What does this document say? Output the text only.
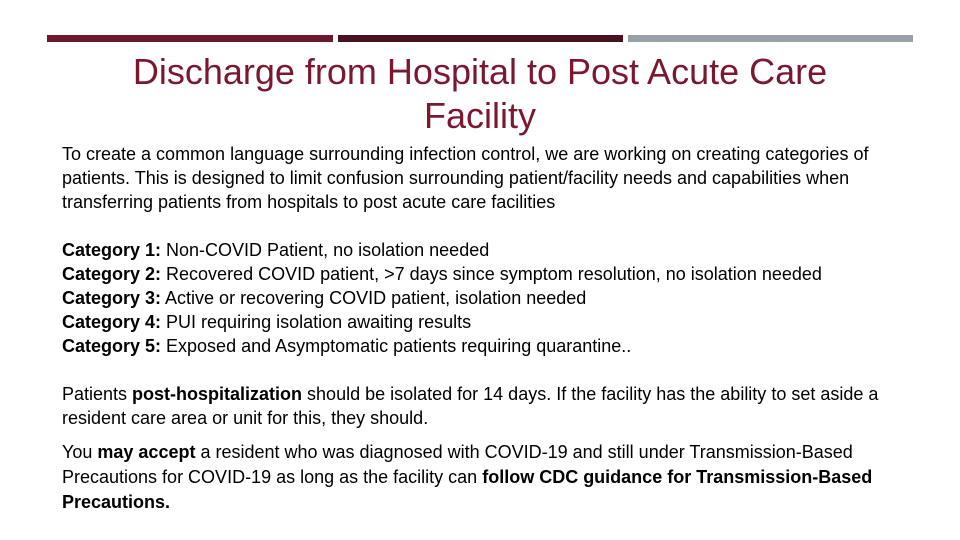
Discharge from Hospital to Post Acute Care
Facility

To create a common language surrounding infection control, we are working on creating categories of patients. This is designed to limit confusion surrounding patient/facility needs and capabilities when transferring patients from hospitals to post acute care facilities

Category 1: Non-COVID Patient, no isolation needed

Category 2: Recovered COVID patient, >7 days since symptom resolution, no isolation needed

Category 3: Active or recovering COVID patient, isolation needed

Category 4: PUI requiring isolation awaiting results

Category 5: Exposed and Asymptomatic patients requiring quarantine..

Patients post-hospitalization should be isolated for 14 days. If the facility has the ability to set aside a resident care area or unit for this, they should.

You may accept a resident who was diagnosed with COVID-19 and still under Transmission-Based Precautions for COVID-19 as long as the facility can follow CDC guidance for Transmission-Based Precautions.
